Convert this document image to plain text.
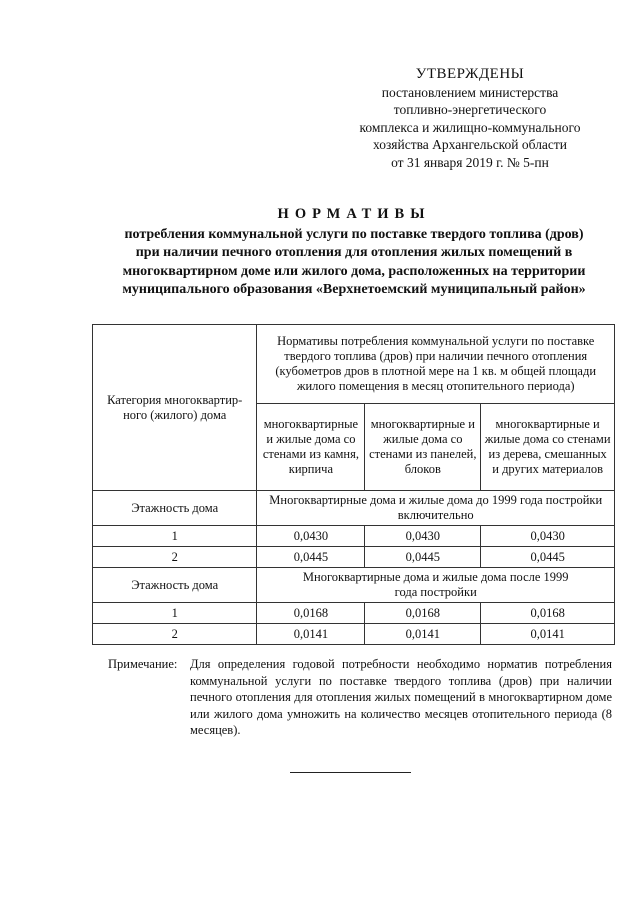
УТВЕРЖДЕНЫ
постановлением министерства
топливно-энергетического
комплекса и жилищно-коммунального
хозяйства Архангельской области
от 31 января 2019 г. № 5-пн
НОРМАТИВЫ
потребления коммунальной услуги по поставке твердого топлива (дров)
при наличии печного отопления для отопления жилых помещений в
многоквартирном доме или жилого дома, расположенных на территории
муниципального образования «Верхнетоемский муниципальный район»
Категория многоквартир-ного (жилого) дома	Нормативы потребления коммунальной услуги по поставке твердого топлива (дров) при наличии печного отопления (кубометров дров в плотной мере на 1 кв. м общей площади жилого помещения в месяц отопительного периода)		
	многоквартирные и жилые дома со стенами из камня, кирпича	многоквартирные и жилые дома со стенами из панелей, блоков	многоквартирные и жилые дома со стенами из дерева, смешанных и других материалов
Этажность дома	Многоквартирные дома и жилые дома до 1999 года постройки включительно		
1	0,0430	0,0430	0,0430
2	0,0445	0,0445	0,0445
Этажность дома	Многоквартирные дома и жилые дома после 1999 года постройки		
1	0,0168	0,0168	0,0168
2	0,0141	0,0141	0,0141
Примечание: Для определения годовой потребности необходимо норматив потребления коммунальной услуги по поставке твердого топлива (дров) при наличии печного отопления для отопления жилых помещений в многоквартирном доме или жилого дома умножить на количество месяцев отопительного периода (8 месяцев).
